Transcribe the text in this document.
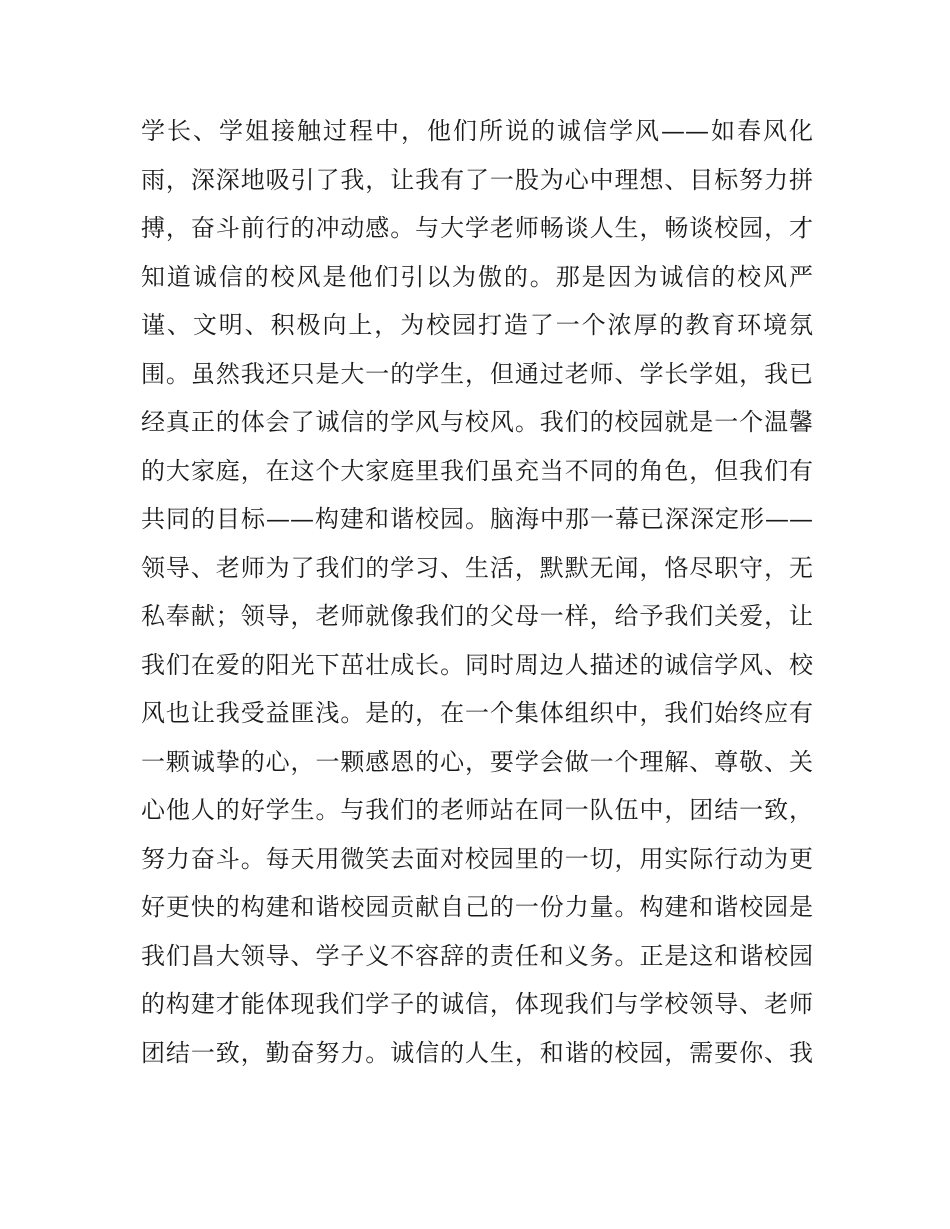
学长、学姐接触过程中，他们所说的诚信学风——如春风化
雨，深深地吸引了我，让我有了一股为心中理想、目标努力拼
搏，奋斗前行的冲动感。与大学老师畅谈人生，畅谈校园，才
知道诚信的校风是他们引以为傲的。那是因为诚信的校风严
谨、文明、积极向上，为校园打造了一个浓厚的教育环境氛
围。虽然我还只是大一的学生，但通过老师、学长学姐，我已
经真正的体会了诚信的学风与校风。我们的校园就是一个温馨
的大家庭，在这个大家庭里我们虽充当不同的角色，但我们有
共同的目标——构建和谐校园。脑海中那一幕已深深定形——
领导、老师为了我们的学习、生活，默默无闻，恪尽职守，无
私奉献；领导，老师就像我们的父母一样，给予我们关爱，让
我们在爱的阳光下茁壮成长。同时周边人描述的诚信学风、校
风也让我受益匪浅。是的，在一个集体组织中，我们始终应有
一颗诚挚的心，一颗感恩的心，要学会做一个理解、尊敬、关
心他人的好学生。与我们的老师站在同一队伍中，团结一致，
努力奋斗。每天用微笑去面对校园里的一切，用实际行动为更
好更快的构建和谐校园贡献自己的一份力量。构建和谐校园是
我们昌大领导、学子义不容辞的责任和义务。正是这和谐校园
的构建才能体现我们学子的诚信，体现我们与学校领导、老师
团结一致，勤奋努力。诚信的人生，和谐的校园，需要你、我
